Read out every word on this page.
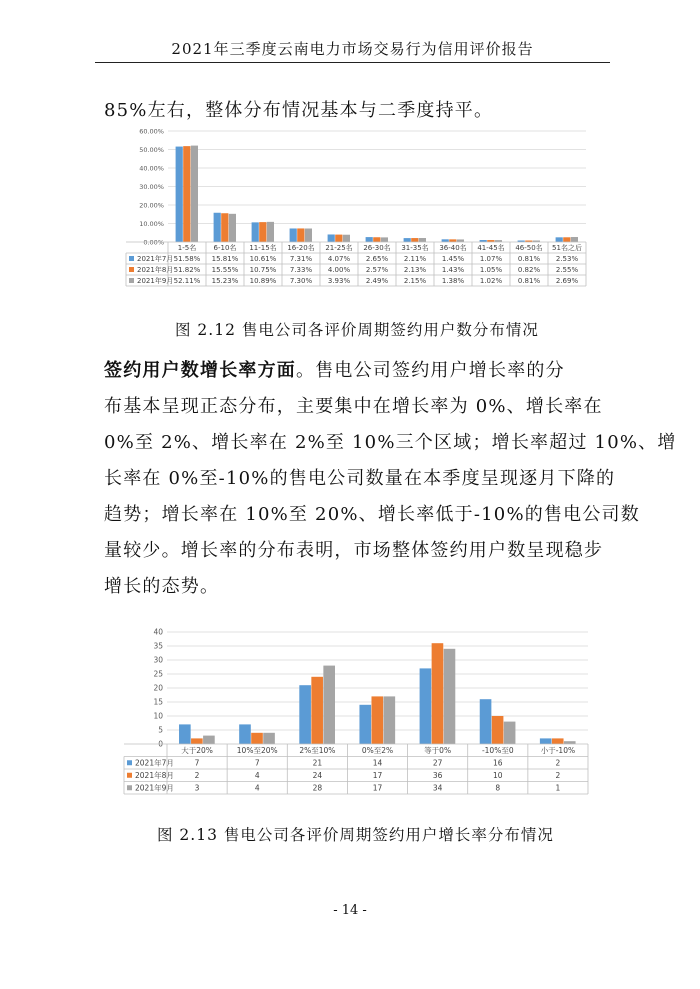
2021年三季度云南电力市场交易行为信用评价报告
85%左右，整体分布情况基本与二季度持平。
60.00%
50.00%
40.00%
30.00%
20.00%
10.00%
0.00%
1-5名 6-10名 11-15名 16-20名 21-25名 26-30名 31-35名 36-40名 41-45名 46-50名 51名之后
2021年7月 51.58% 15.81% 10.61% 7.31% 4.07% 2.65% 2.11% 1.45% 1.07% 0.81% 2.53%
2021年8月 51.82% 15.55% 10.75% 7.33% 4.00% 2.57% 2.13% 1.43% 1.05% 0.82% 2.55%
2021年9月 52.11% 15.23% 10.89% 7.30% 3.93% 2.49% 2.15% 1.38% 1.02% 0.81% 2.69%
图 2.12 售电公司各评价周期签约用户数分布情况
签约用户数增长率方面。售电公司签约用户增长率的分
布基本呈现正态分布，主要集中在增长率为 0%、增长率在
0%至 2%、增长率在 2%至 10%三个区域；增长率超过 10%、增
长率在 0%至-10%的售电公司数量在本季度呈现逐月下降的
趋势；增长率在 10%至 20%、增长率低于-10%的售电公司数
量较少。增长率的分布表明，市场整体签约用户数呈现稳步
增长的态势。
40
35
30
25
20
15
10
5
0
大于20%	10%至20%	2%至10%	0%至2%	等于0%	-10%至0	小于-10%
2021年7月	7	7	21	14	27	16	2
2021年8月	2	4	24	17	36	10	2
2021年9月	3	4	28	17	34	8	1
图 2.13 售电公司各评价周期签约用户增长率分布情况
- 14 -
